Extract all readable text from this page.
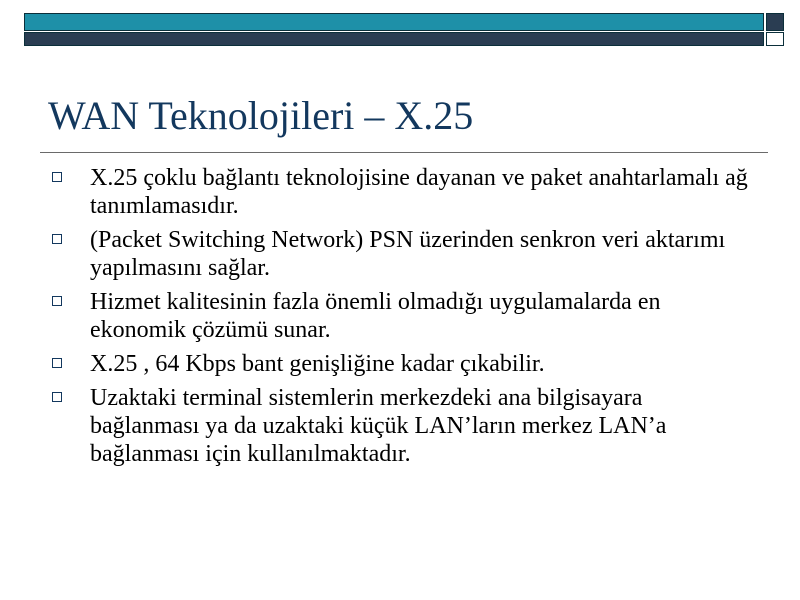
WAN Teknolojileri – X.25
X.25 çoklu bağlantı teknolojisine dayanan ve paket anahtarlamalı ağ tanımlamasıdır.
(Packet Switching Network) PSN üzerinden senkron veri aktarımı yapılmasını sağlar.
Hizmet kalitesinin fazla önemli olmadığı uygulamalarda en ekonomik çözümü sunar.
X.25 , 64 Kbps bant genişliğine kadar çıkabilir.
Uzaktaki terminal sistemlerin merkezdeki ana bilgisayara bağlanması ya da uzaktaki küçük LAN’ların merkez LAN’a bağlanması için kullanılmaktadır.
